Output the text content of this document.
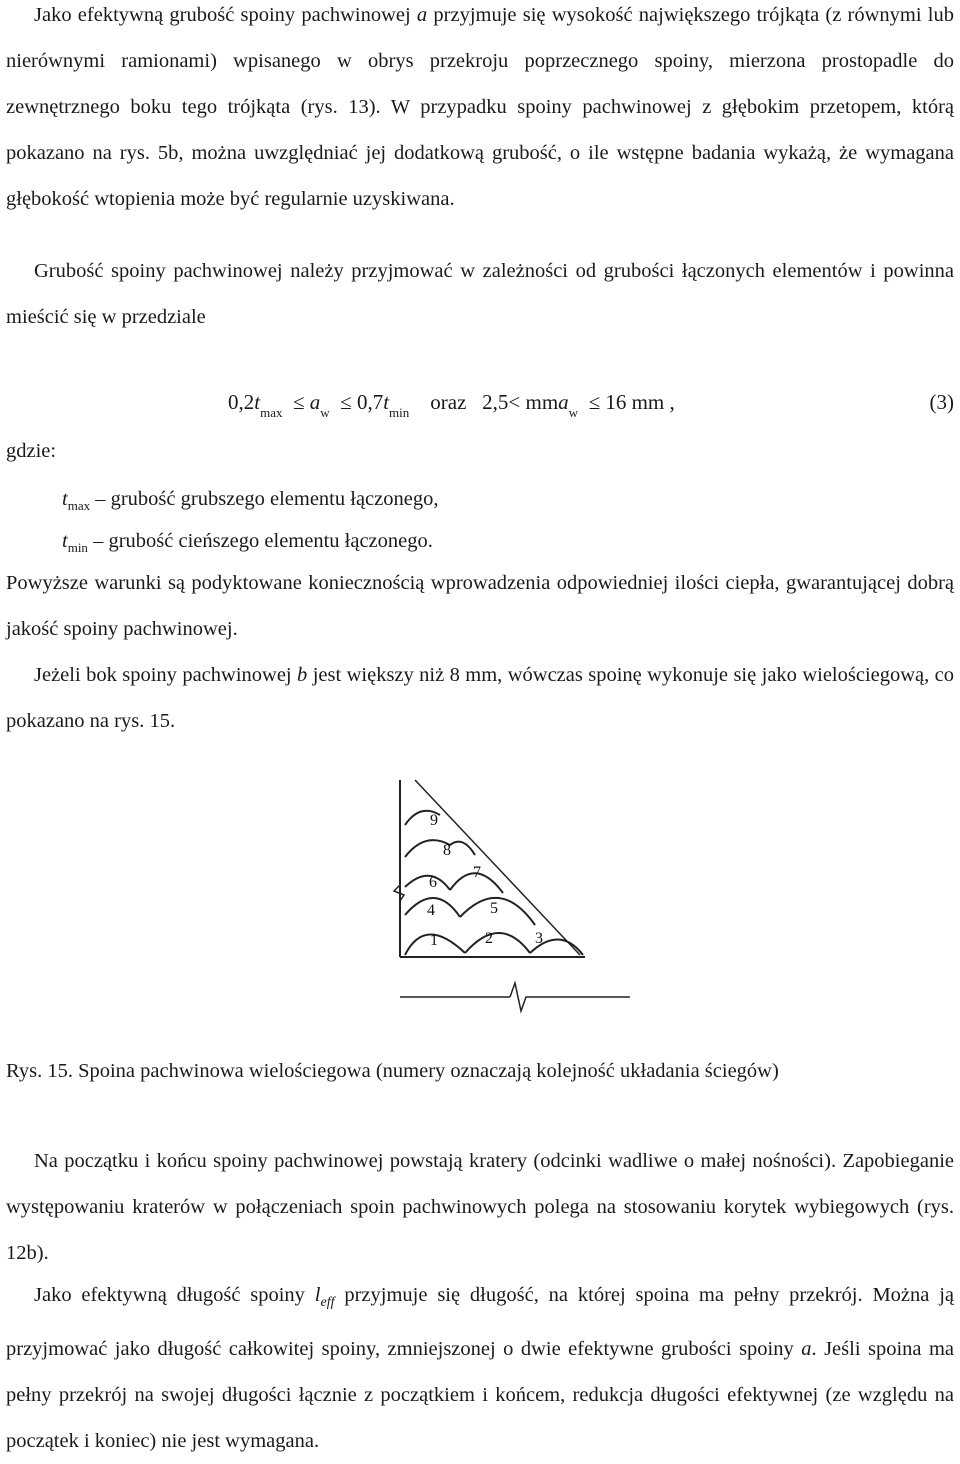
Jako efektywną grubość spoiny pachwinowej a przyjmuje się wysokość największego trójkąta (z równymi lub nierównymi ramionami) wpisanego w obrys przekroju poprzecznego spoiny, mierzona prostopadle do zewnętrznego boku tego trójkąta (rys. 13). W przypadku spoiny pachwinowej z głębokim przetopem, którą pokazano na rys. 5b, można uwzględniać jej dodatkową grubość, o ile wstępne badania wykażą, że wymagana głębokość wtopienia może być regularnie uzyskiwana.
Grubość spoiny pachwinowej należy przyjmować w zależności od grubości łączonych elementów i powinna mieścić się w przedziale
$0,2t_{max} \le a_w \le 0,7t_{min}$ oraz 2,5< mma$_w$ ≤ 16 mm ,	(3)
gdzie:
$t_{max}$ – grubość grubszego elementu łączonego,
$t_{min}$ – grubość cieńszego elementu łączonego.
Powyższe warunki są podyktowane koniecznością wprowadzenia odpowiedniej ilości ciepła, gwarantującej dobrą jakość spoiny pachwinowej.
Jeżeli bok spoiny pachwinowej b jest większy niż 8 mm, wówczas spoinę wykonuje się jako wielościegową, co pokazano na rys. 15.
1	2	3
4	5
6
7
8
9
Rys. 15. Spoina pachwinowa wielościegowa (numery oznaczają kolejność układania ściegów)
Na początku i końcu spoiny pachwinowej powstają kratery (odcinki wadliwe o małej nośności). Zapobieganie występowaniu kraterów w połączeniach spoin pachwinowych polega na stosowaniu korytek wybiegowych (rys. 12b).
Jako efektywną długość spoiny $l_{eff}$ przyjmuje się długość, na której spoina ma pełny przekrój. Można ją przyjmować jako długość całkowitej spoiny, zmniejszonej o dwie efektywne grubości spoiny a. Jeśli spoina ma pełny przekrój na swojej długości łącznie z początkiem i końcem, redukcja długości efektywnej (ze względu na początek i koniec) nie jest wymagana.
